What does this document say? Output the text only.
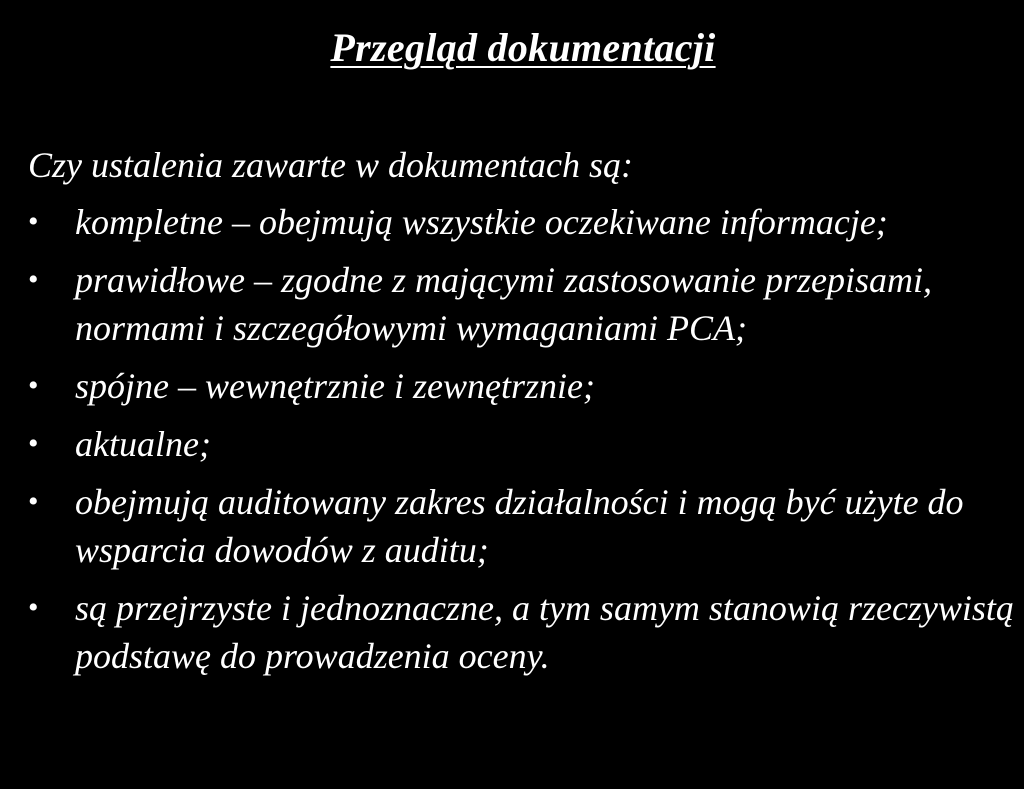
Przegląd dokumentacji
Czy ustalenia zawarte w dokumentach są:
• kompletne – obejmują wszystkie oczekiwane informacje;
• prawidłowe – zgodne z mającymi zastosowanie przepisami, normami i szczegółowymi wymaganiami PCA;
• spójne – wewnętrznie i zewnętrznie;
• aktualne;
• obejmują auditowany zakres działalności i mogą być użyte do wsparcia dowodów z auditu;
• są przejrzyste i jednoznaczne, a tym samym stanowią rzeczywistą podstawę do prowadzenia oceny.
